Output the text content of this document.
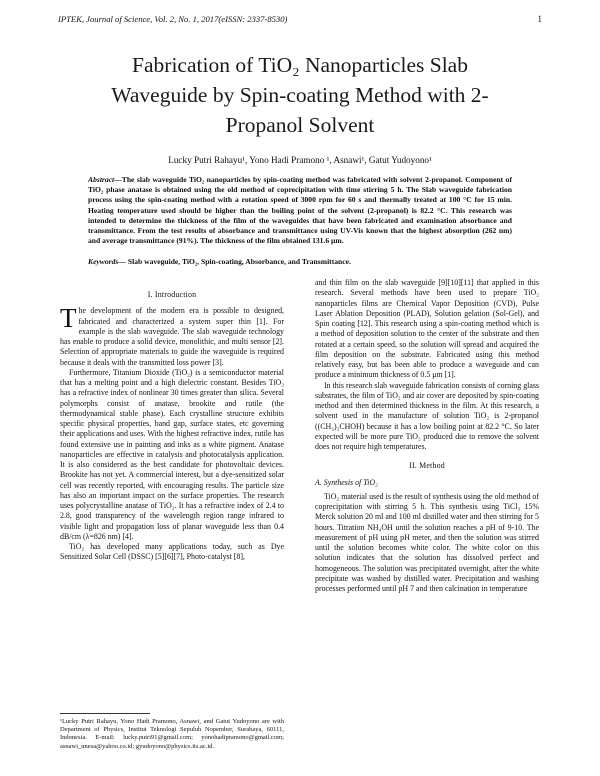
IPTEK, Journal of Science, Vol. 2, No. 1, 2017(eISSN: 2337-8530)	1
Fabrication of TiO₂ Nanoparticles Slab
Waveguide by Spin-coating Method with 2-
Propanol Solvent
Lucky Putri Rahayu¹, Yono Hadi Pramono ¹, Asnawi¹, Gatut Yudoyono¹
Abstract—The slab waveguide TiO₂ nanoparticles by spin-coating method was fabricated with solvent 2-propanol. Component of TiO₂ phase anatase is obtained using the old method of coprecipitation with time stirring 5 h. The Slab waveguide fabrication process using the spin-coating method with a rotation speed of 3000 rpm for 60 s and thermally treated at 100 °C for 15 min. Heating temperature used should be higher than the boiling point of the solvent (2-propanol) is 82.2 °C. This research was intended to determine the thickness of the film of the waveguides that have been fabricated and examination absorbance and transmittance. From the test results of absorbance and transmittance using UV-Vis known that the highest absorption (262 nm) and average transmittance (91%). The thickness of the film obtained 131.6 μm.
Keywords— Slab waveguide, TiO₂, Spin-coating, Absorbance, and Transmittance.
I. Introduction

The development of the modern era is possible to designed, fabricated and characterized a system super thin [1]. For example is the slab waveguide. The slab waveguide technology has enable to produce a solid device, monolithic, and multi sensor [2]. Selection of appropriate materials to guide the waveguide is required because it deals with the transmitted loss power [3].

Furthermore, Titanium Dioxide (TiO₂) is a semiconductor material that has a melting point and a high dielectric constant. Besides TiO₂ has a refractive index of nonlinear 30 times greater than silica. Several polymorphs consist of anatase, brookite and rutile (the thermodynamical stable phase). Each crystalline structure exhibits specific physical properties, band gap, surface states, etc governing their applications and uses. With the highest refractive index, rutile has found extensive use in painting and inks as a white pigment. Anatase nanoparticles are effective in catalysis and photocatalysis application. It is also considered as the best candidate for photovoltaic devices. Brookite has not yet. A commercial interest, but a dye-sensitized solar cell was recently reported, with encouraging results. The particle size has also an important impact on the surface properties. The research uses polycrystalline anatase of TiO₂. It has a refractive index of 2.4 to 2.8, good transparency of the wavelength region range infrared to visible light and propagation loss of planar waveguide less than 0.4 dB/cm (λ=826 nm) [4].

TiO₂ has developed many applications today, such as Dye Sensitized Solar Cell (DSSC) [5][6][7], Photo-catalyst [8],

¹Lucky Putri Rahayu, Yono Hadi Pramono, Asnawi, and Gatut Yudoyono are with Department of Physics, Institut Teknologi Sepuluh Nopember, Surabaya, 60111, Indonesia. E-mail: lucky.putri91@gmail.com; yonohadipramono@gmail.com; asnawi_unesa@yahoo.co.id; gyudoyono@physics.its.ac.id.

and thin film on the slab waveguide [9][10][11] that applied in this research. Several methods have been used to prepare TiO₂ nanoparticles films are Chemical Vapor Deposition (CVD), Pulse Laser Ablation Deposition (PLAD), Solution gelation (Sol-Gel), and Spin coating [12]. This research using a spin-coating method which is a method of deposition solution to the center of the substrate and then rotated at a certain speed, so the solution will spread and acquired the film deposition on the substrate. Fabricated using this method relatively easy, but has been able to produce a waveguide and can produce a minimum thickness of 0.5 μm [1].

In this research slab waveguide fabrication consists of corning glass substrates, the film of TiO₂ and air cover are deposited by spin-coating method and then determined thickness in the film. At this research, a solvent used in the manufacture of solution TiO₂ is 2-propanol ((CH₃)₂CHOH) because it has a low boiling point at 82.2 °C. So later expected will be more pure TiO₂ produced due to remove the solvent does not require high temperatures.

II. Method
A. Synthesis of TiO₂

TiO₂ material used is the result of synthesis using the old method of coprecipitation with stirring 5 h. This synthesis using TiCl₃ 15% Merck solution 20 ml and 100 ml distilled water and then stirring for 5 hours. Titration NH₄OH until the solution reaches a pH of 9-10. The measurement of pH using pH meter, and then the solution was stirred until the solution becomes white color. The white color on this solution indicates that the solution has dissolved perfect and homogeneous. The solution was precipitated overnight, after the white precipitate was washed by distilled water. Precipitation and washing processes performed until pH 7 and then calcination in temperature
